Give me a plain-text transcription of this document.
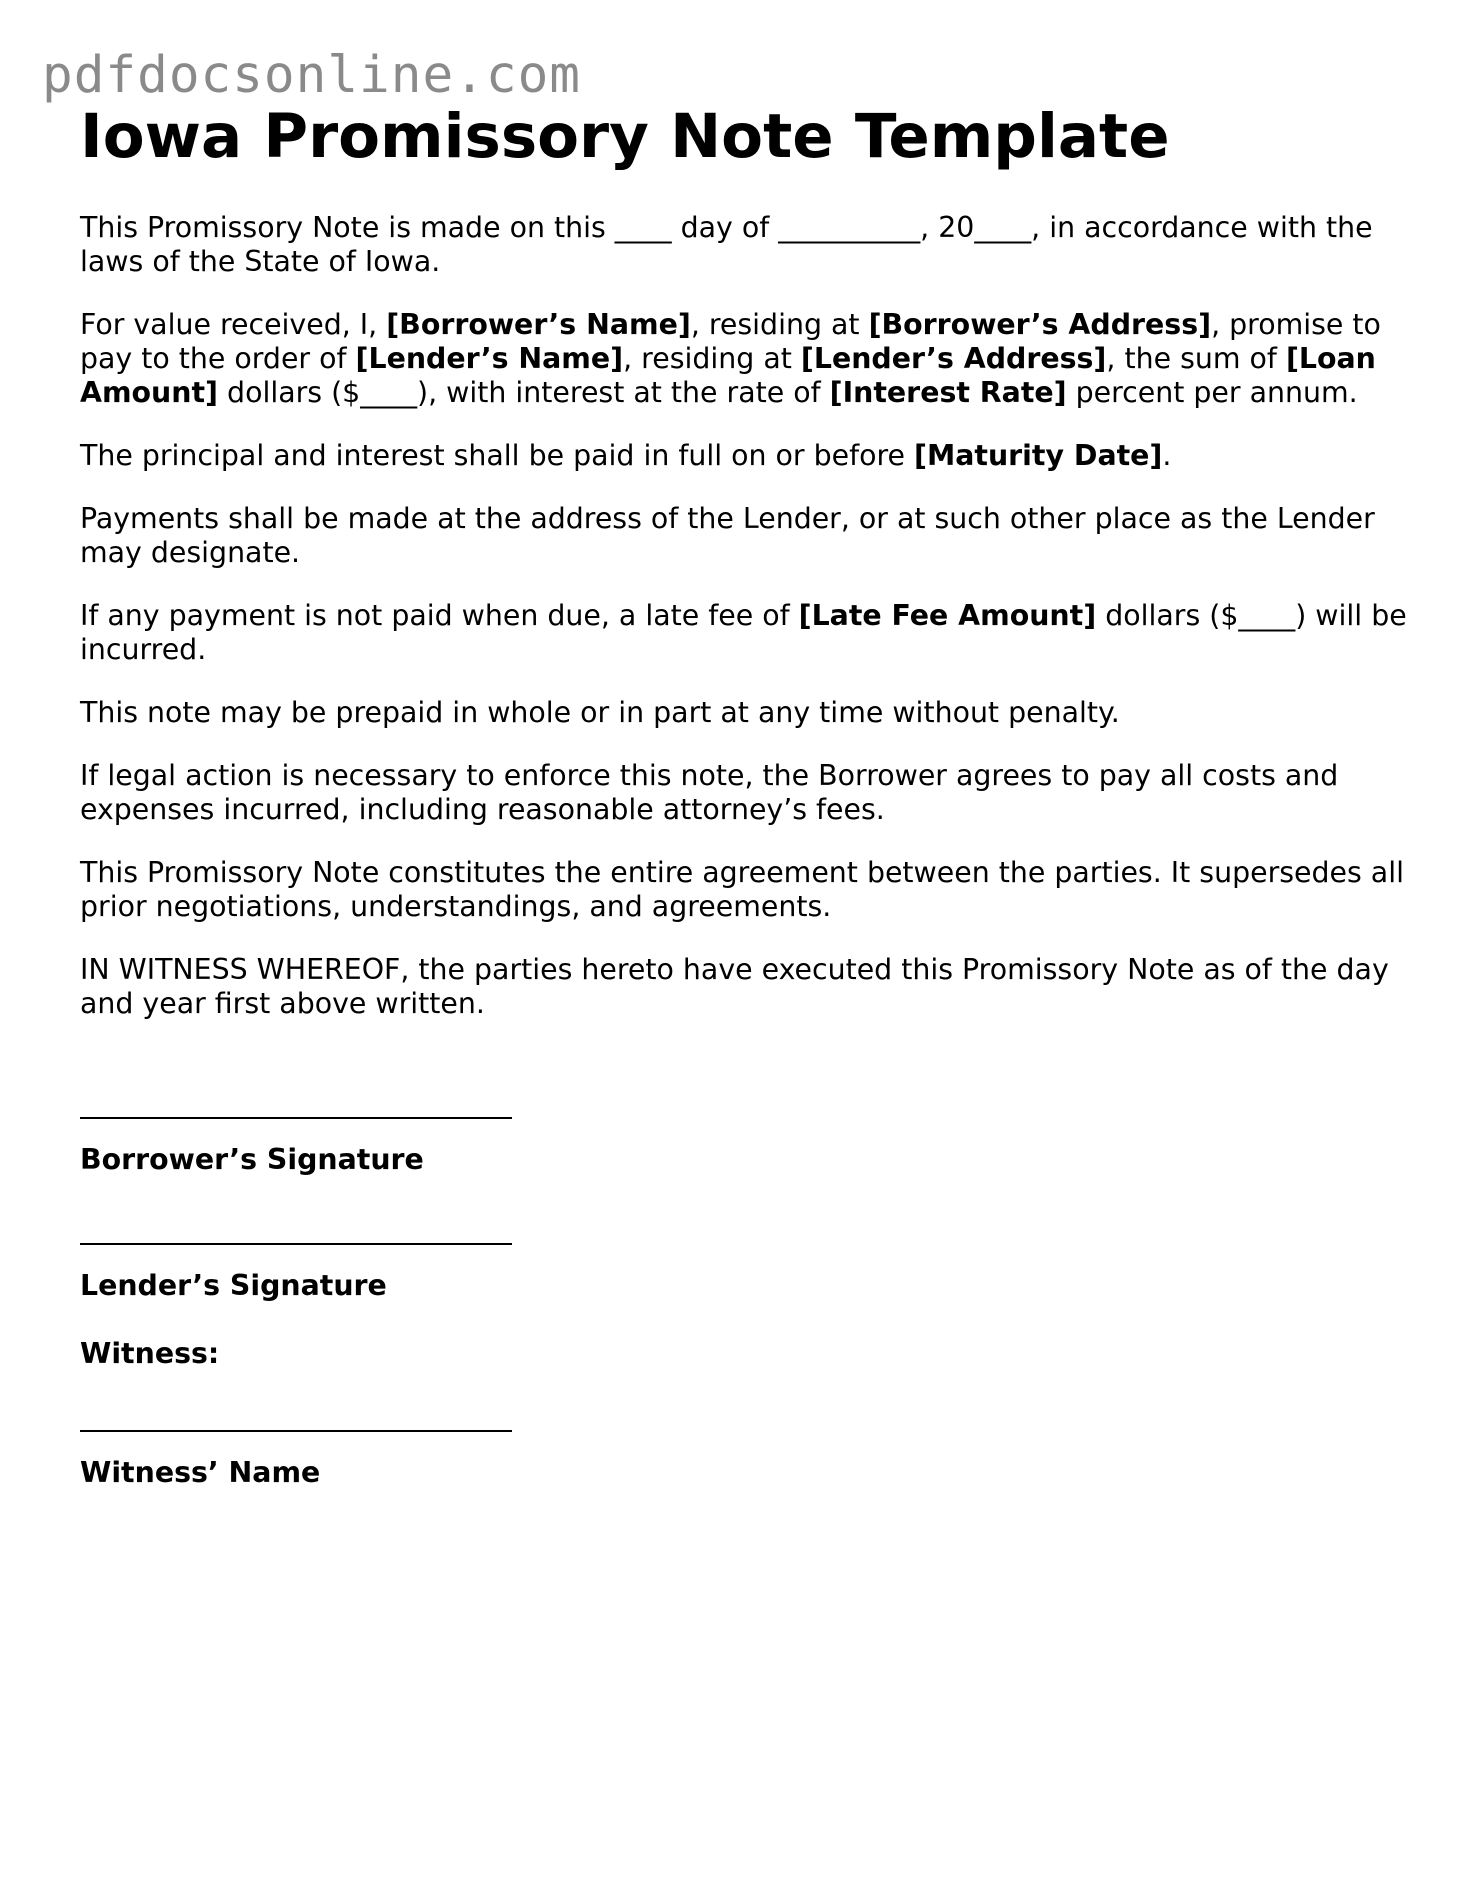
pdfdocsonline.com
Iowa Promissory Note Template

This Promissory Note is made on this ____ day of __________, 20____, in accordance with the laws of the State of Iowa.

For value received, I, [Borrower’s Name], residing at [Borrower’s Address], promise to pay to the order of [Lender’s Name], residing at [Lender’s Address], the sum of [Loan Amount] dollars ($____), with interest at the rate of [Interest Rate] percent per annum.

The principal and interest shall be paid in full on or before [Maturity Date].

Payments shall be made at the address of the Lender, or at such other place as the Lender may designate.

If any payment is not paid when due, a late fee of [Late Fee Amount] dollars ($____) will be incurred.

This note may be prepaid in whole or in part at any time without penalty.

If legal action is necessary to enforce this note, the Borrower agrees to pay all costs and expenses incurred, including reasonable attorney’s fees.

This Promissory Note constitutes the entire agreement between the parties. It supersedes all prior negotiations, understandings, and agreements.

IN WITNESS WHEREOF, the parties hereto have executed this Promissory Note as of the day and year first above written.

Borrower’s Signature
Lender’s Signature
Witness:
Witness’ Name
